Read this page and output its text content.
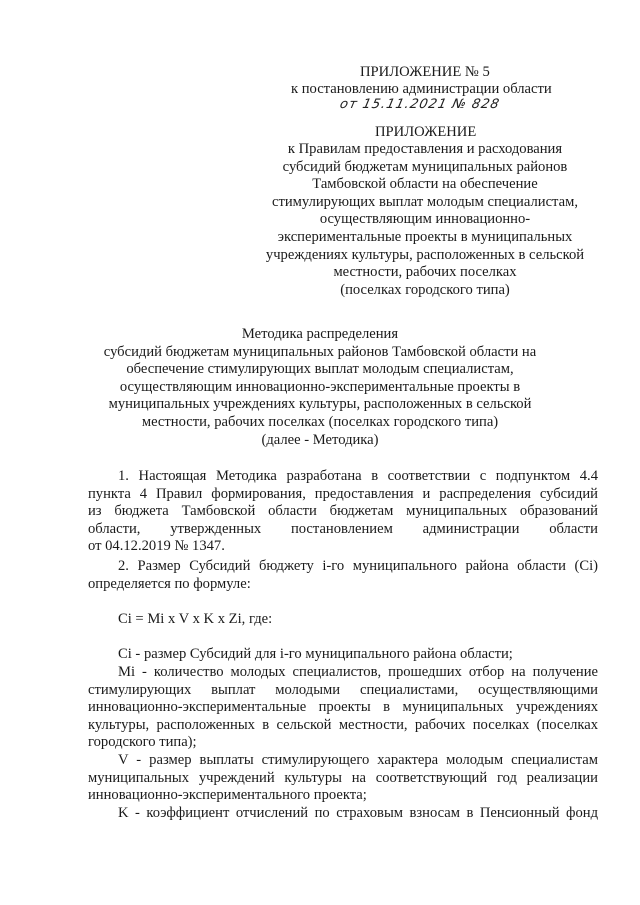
ПРИЛОЖЕНИЕ № 5
к постановлению администрации области
от 15.11.2021 № 828
ПРИЛОЖЕНИЕ
к Правилам предоставления и расходования
субсидий бюджетам муниципальных районов
Тамбовской области на обеспечение
стимулирующих выплат молодым специалистам,
осуществляющим инновационно-
экспериментальные проекты в муниципальных
учреждениях культуры, расположенных в сельской
местности, рабочих поселках
(поселках городского типа)
Методика распределения
субсидий бюджетам муниципальных районов Тамбовской области на
обеспечение стимулирующих выплат молодым специалистам,
осуществляющим инновационно-экспериментальные проекты в
муниципальных учреждениях культуры, расположенных в сельской
местности, рабочих поселках (поселках городского типа)
(далее - Методика)
1. Настоящая Методика разработана в соответствии с подпунктом 4.4
пункта 4 Правил формирования, предоставления и распределения субсидий
из бюджета Тамбовской области бюджетам муниципальных образований
области, утвержденных постановлением администрации области
от 04.12.2019 № 1347.
2. Размер Субсидий бюджету i-го муниципального района области (Ci)
определяется по формуле:
Ci = Mi x V x K x Zi, где:
Ci - размер Субсидий для i-го муниципального района области;
Mi - количество молодых специалистов, прошедших отбор на получение
стимулирующих выплат молодыми специалистами, осуществляющими
инновационно-экспериментальные проекты в муниципальных учреждениях
культуры, расположенных в сельской местности, рабочих поселках (поселках
городского типа);
V - размер выплаты стимулирующего характера молодым специалистам
муниципальных учреждений культуры на соответствующий год реализации
инновационно-экспериментального проекта;
K - коэффициент отчислений по страховым взносам в Пенсионный фонд
